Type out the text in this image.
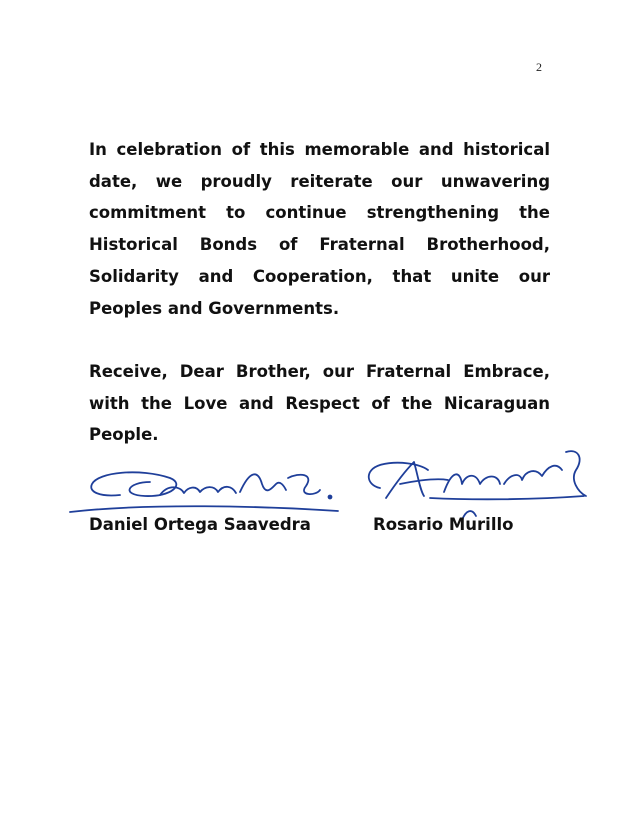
2

In celebration of this memorable and historical date, we proudly reiterate our unwavering commitment to continue strengthening the Historical Bonds of Fraternal Brotherhood, Solidarity and Cooperation, that unite our Peoples and Governments.

Receive, Dear Brother, our Fraternal Embrace, with the Love and Respect of the Nicaraguan People.

Daniel Ortega Saavedra	Rosario Murillo
